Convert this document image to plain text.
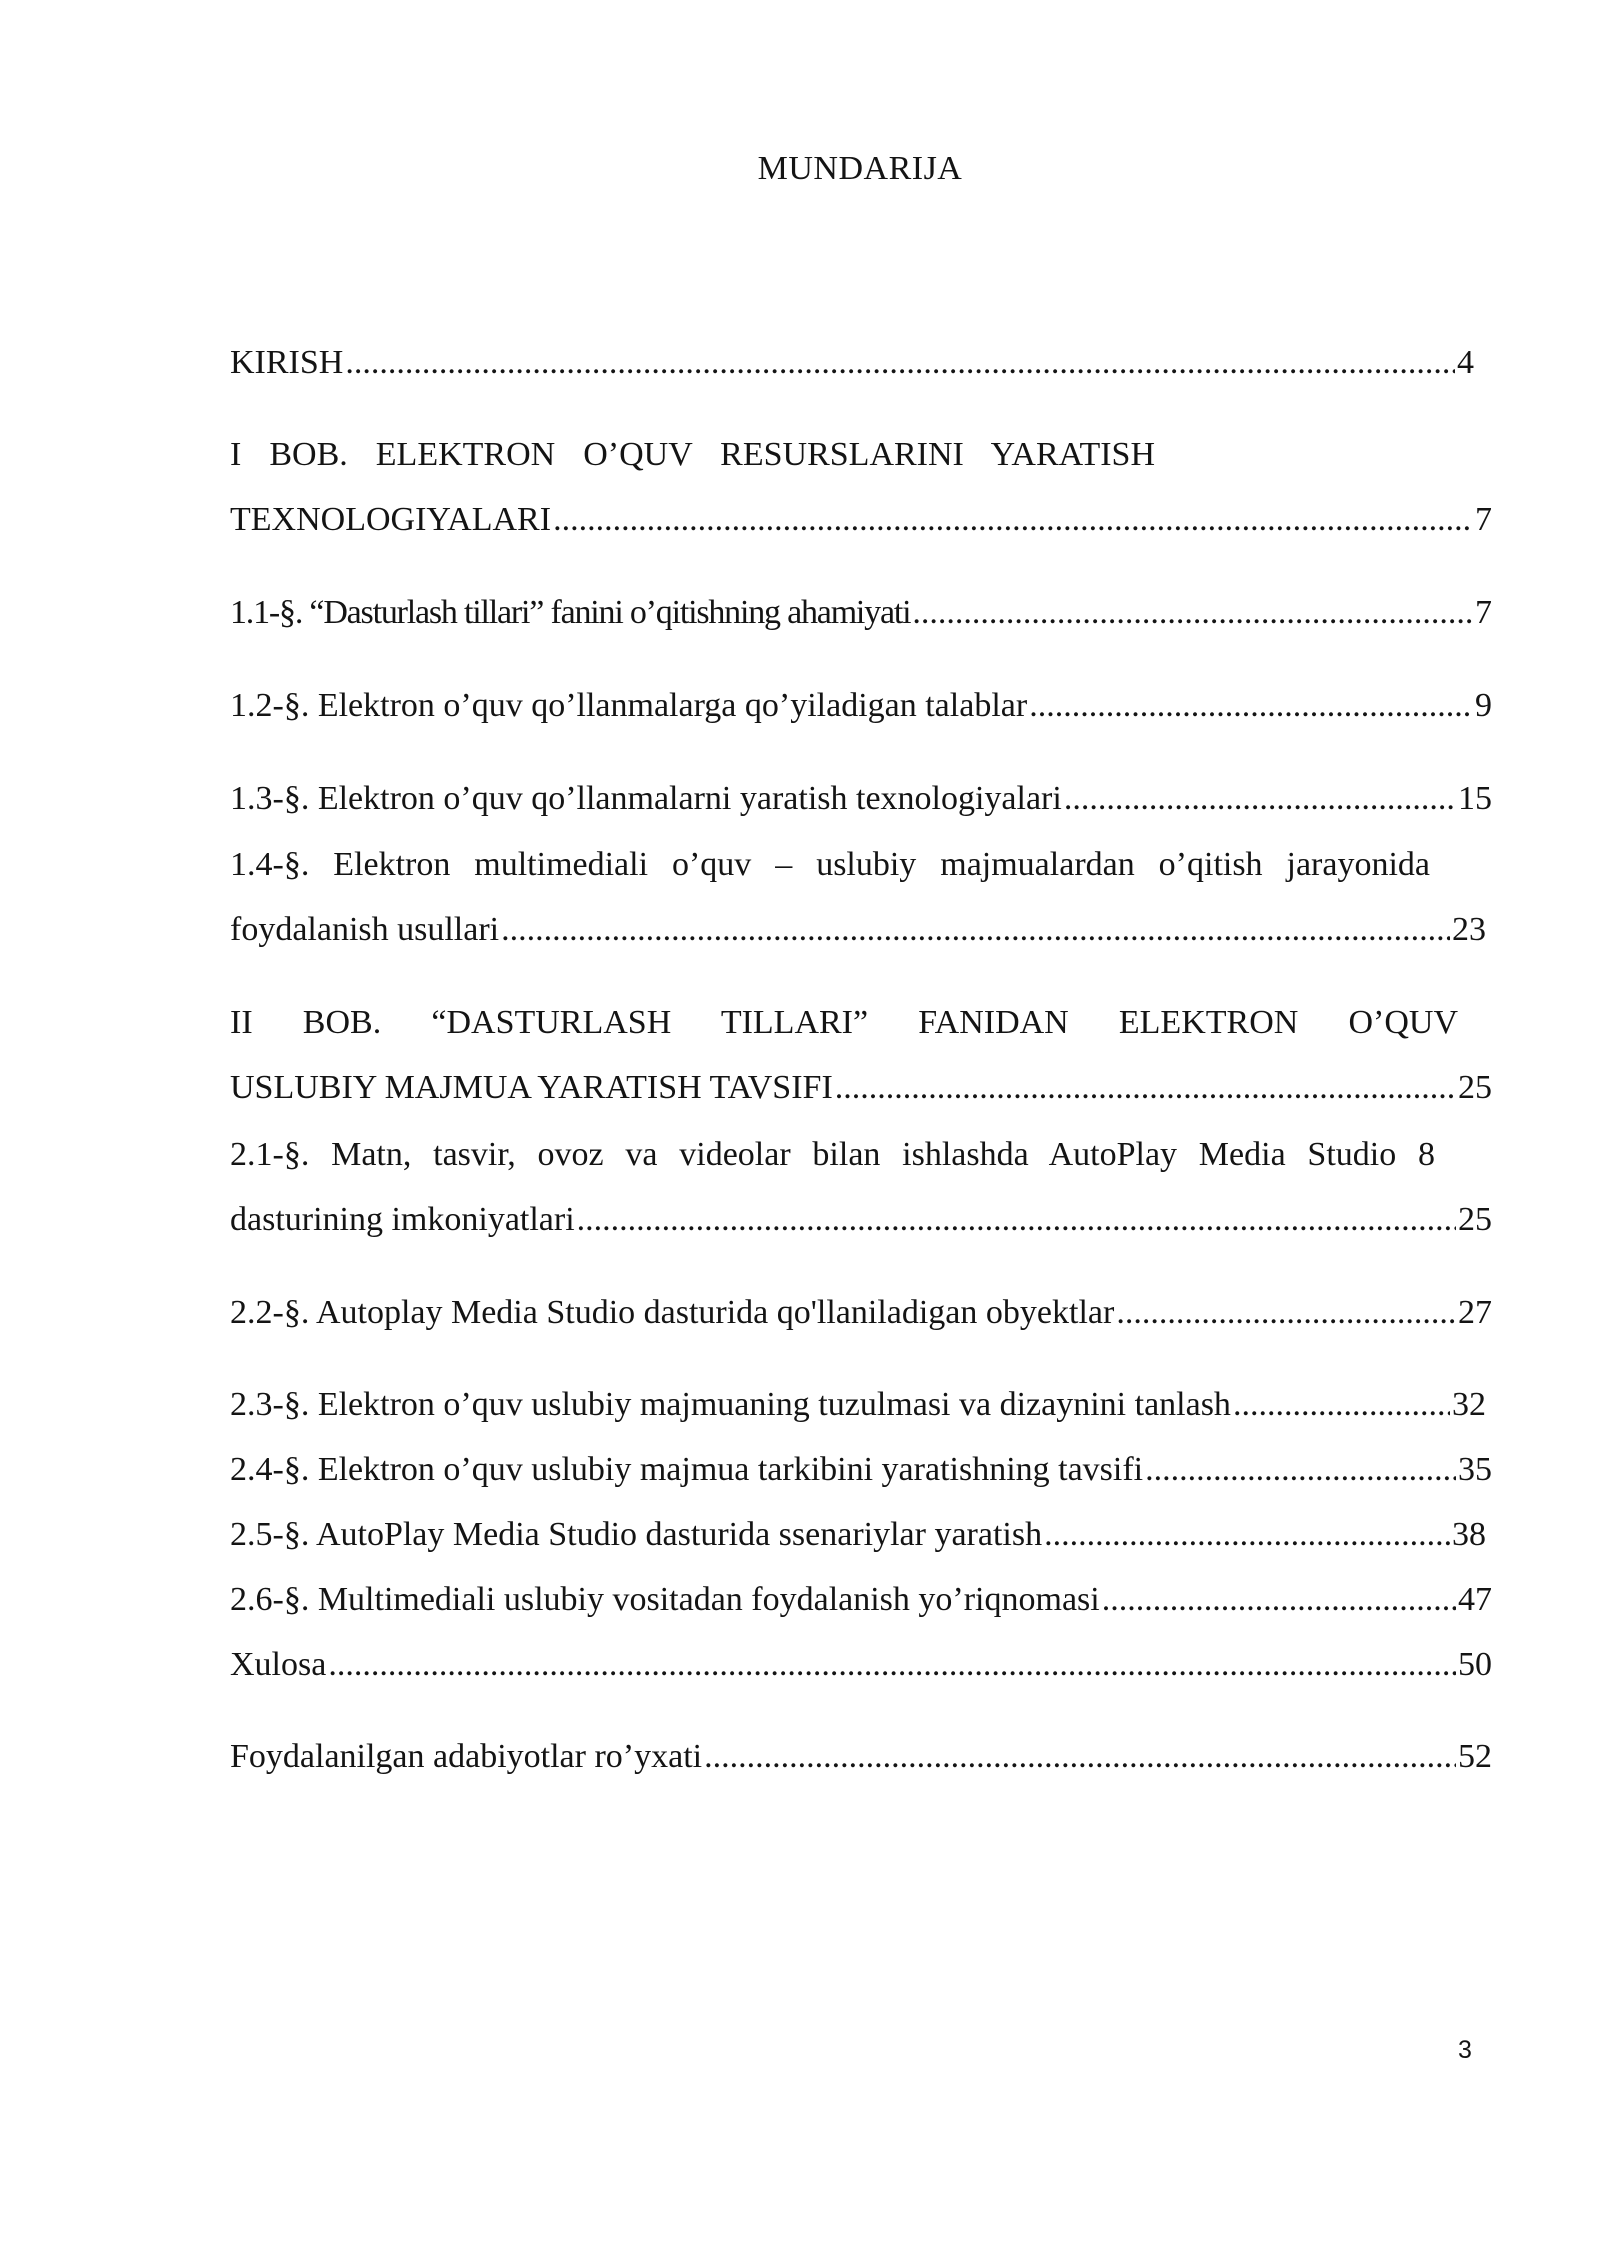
MUNDARIJA
KIRISH .....	4
I BOB. ELEKTRON O’QUV RESURSLARINI YARATISH
TEXNOLOGIYALARI .....	7
1.1-§. “Dasturlash tillari” fanini o’qitishning ahamiyati .....	7
1.2-§. Elektron o’quv qo’llanmalarga qo’yiladigan talablar .....	9
1.3-§. Elektron o’quv qo’llanmalarni yaratish texnologiyalari .....	15
1.4-§. Elektron multimediali o’quv – uslubiy majmualardan o’qitish jarayonida
foydalanish usullari .....	23
II BOB. “DASTURLASH TILLARI” FANIDAN ELEKTRON O’QUV
USLUBIY MAJMUA YARATISH TAVSIFI .....	25
2.1-§. Matn, tasvir, ovoz va videolar bilan ishlashda AutoPlay Media Studio 8
dasturining imkoniyatlari .....	25
2.2-§. Autoplay Media Studio dasturida qo'llaniladigan obyektlar .....	27
2.3-§. Elektron o’quv uslubiy majmuaning tuzulmasi va dizaynini tanlash .....	32
2.4-§. Elektron o’quv uslubiy majmua tarkibini yaratishning tavsifi .....	35
2.5-§. AutoPlay Media Studio dasturida ssenariylar yaratish .....	38
2.6-§. Multimediali uslubiy vositadan foydalanish yo’riqnomasi .....	47
Xulosa .....	50
Foydalanilgan adabiyotlar ro’yxati .....	52
3
